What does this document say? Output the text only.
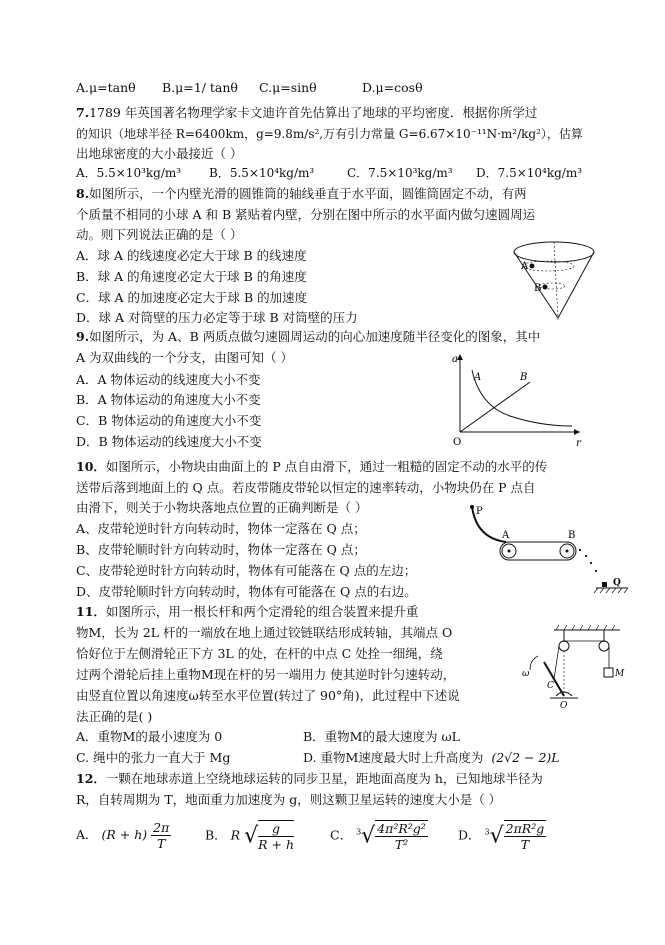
A.μ=tanθ B.μ=1/ tanθ C.μ=sinθ	D.μ=cosθ
7.1789 年英国著名物理学家卡文迪许首先估算出了地球的平均密度．根据你所学过
的知识（地球半径 R=6400km，g=9.8m/s²,万有引力常量 G=6.67×10⁻¹¹N·m²/kg²），估算
出地球密度的大小最接近（ ）
A．5.5×10³kg/m³ B．5.5×10⁴kg/m³	C．7.5×10³kg/m³ D．7.5×10⁴kg/m³
8.如图所示，一个内壁光滑的圆锥筒的轴线垂直于水平面，圆锥筒固定不动，有两
个质量不相同的小球 A 和 B 紧贴着内壁，分别在图中所示的水平面内做匀速圆周运
动。则下列说法正确的是（ ）
A．球 A 的线速度必定大于球 B 的线速度
B．球 A 的角速度必定大于球 B 的角速度
C．球 A 的加速度必定大于球 B 的加速度
D．球 A 对筒壁的压力必定等于球 B 对筒壁的压力
A
B
9.如图所示，为 A、B 两质点做匀速圆周运动的向心加速度随半径变化的图象，其中
A 为双曲线的一个分支，由图可知（ ）
A．A 物体运动的线速度大小不变
B．A 物体运动的角速度大小不变
C．B 物体运动的角速度大小不变
D．B 物体运动的线速度大小不变
a
r
O
A	B
10．如图所示，小物块由曲面上的 P 点自由滑下，通过一粗糙的固定不动的水平的传
送带后落到地面上的 Q 点。若皮带随皮带轮以恒定的速率转动，小物块仍在 P 点自
由滑下，则关于小物块落地点位置的正确判断是（ ）
A、皮带轮逆时针方向转动时，物体一定落在 Q 点；
B、皮带轮顺时针方向转动时，物体一定落在 Q 点；
C、皮带轮逆时针方向转动时，物体有可能落在 Q 点的左边；
D、皮带轮顺时针方向转动时，物体有可能落在 Q 点的右边。
P
A	B
Q
11．如图所示，用一根长杆和两个定滑轮的组合装置来提升重
物M，长为 2L 杆的一端放在地上通过铰链联结形成转轴，其端点 O
恰好位于左侧滑轮正下方 3L 的处，在杆的中点 C 处拴一细绳，绕
过两个滑轮后挂上重物M现在杆的另一端用力 使其逆时针匀速转动，
由竖直位置以角速度ω转至水平位置(转过了 90°角)，此过程中下述说
法正确的是( )
A．重物M的最小速度为 0	B．重物M的最大速度为 ωL
C. 绳中的张力一直大于 Mg	D. 重物M速度最大时上升高度为 (2√2 − 2)L
M
C
ω
O
12．一颗在地球赤道上空绕地球运转的同步卫星，距地面高度为 h，已知地球半径为
R，自转周期为 T，地面重力加速度为 g，则这颗卫星运转的速度大小是（ ）
A． $(R + h) \frac{2\pi}{T}$	B． R √ $\frac{g}{R + h}$	C． $^3√ \frac{\text{4π²R²g²}}{\text{T²}}$ D． $^3√ \frac{\text{2πR²g}}{T}$
